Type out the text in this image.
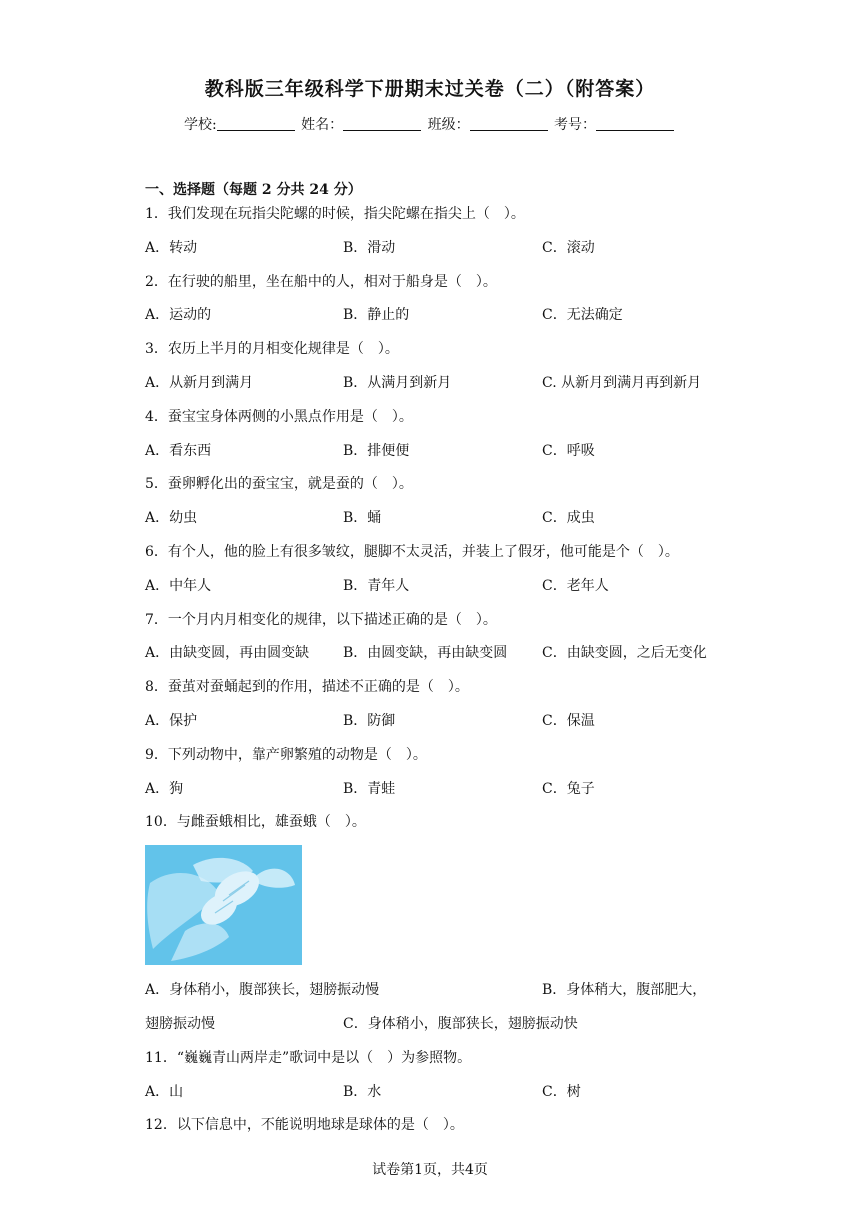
教科版三年级科学下册期末过关卷（二）（附答案）
学校:	姓名：	班级：	考号：
一、选择题（每题 2 分共 24 分）
1．我们发现在玩指尖陀螺的时候，指尖陀螺在指尖上（　）。
A．转动	B．滑动	C．滚动
2．在行驶的船里，坐在船中的人，相对于船身是（　）。
A．运动的	B．静止的	C．无法确定
3．农历上半月的月相变化规律是（　）。
A．从新月到满月	B．从满月到新月	C. 从新月到满月再到新月
4．蚕宝宝身体两侧的小黑点作用是（　）。
A．看东西	B．排便便	C．呼吸
5．蚕卵孵化出的蚕宝宝，就是蚕的（　）。
A．幼虫	B．蛹	C．成虫
6．有个人，他的脸上有很多皱纹，腿脚不太灵活，并装上了假牙，他可能是个（　）。
A．中年人	B．青年人	C．老年人
7．一个月内月相变化的规律，以下描述正确的是（　）。
A．由缺变圆，再由圆变缺 B．由圆变缺，再由缺变圆 C．由缺变圆，之后无变化
8．蚕茧对蚕蛹起到的作用，描述不正确的是（　）。
A．保护	B．防御	C．保温
9．下列动物中，靠产卵繁殖的动物是（　）。
A．狗	B．青蛙	C．兔子
10．与雌蚕蛾相比，雄蚕蛾（　）。
A．身体稍小，腹部狭长，翅膀振动慢	B．身体稍大，腹部肥大，
翅膀振动慢	C．身体稍小，腹部狭长，翅膀振动快
11．“巍巍青山两岸走”歌词中是以（　）为参照物。
A．山	B．水	C．树
12．以下信息中，不能说明地球是球体的是（　）。
试卷第1页，共4页
